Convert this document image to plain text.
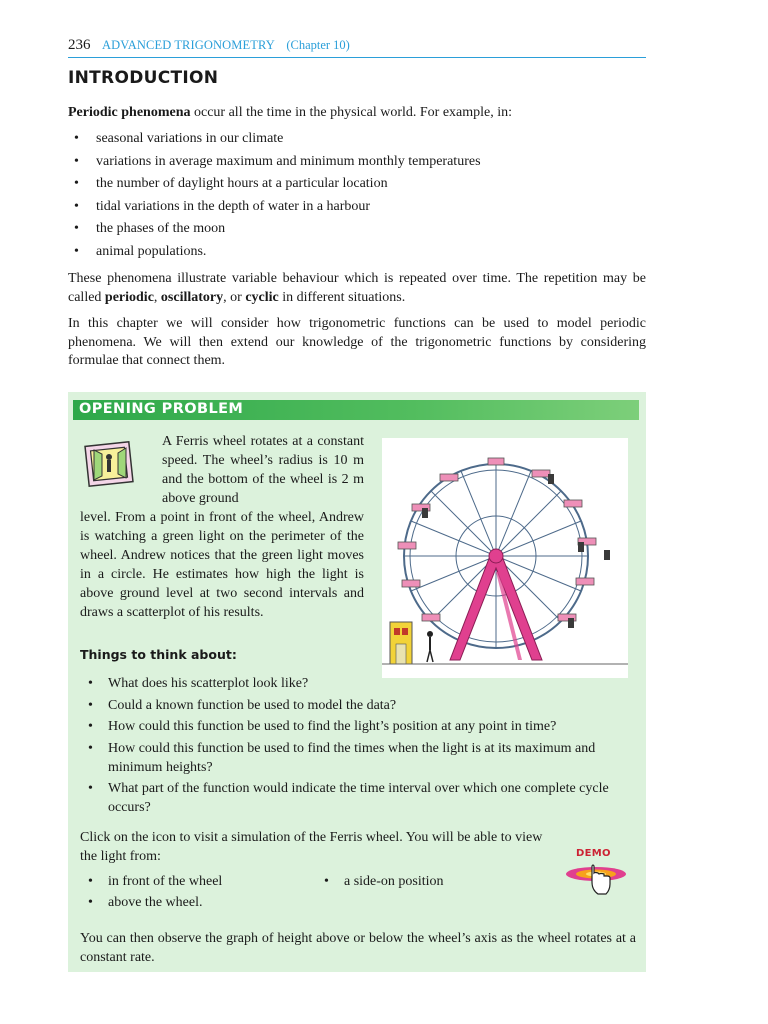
236 ADVANCED TRIGONOMETRY (Chapter 10)
INTRODUCTION

Periodic phenomena occur all the time in the physical world. For example, in:

• seasonal variations in our climate
• variations in average maximum and minimum monthly temperatures
• the number of daylight hours at a particular location
• tidal variations in the depth of water in a harbour
• the phases of the moon
• animal populations.

These phenomena illustrate variable behaviour which is repeated over time. The repetition may be called periodic, oscillatory, or cyclic in different situations.

In this chapter we will consider how trigonometric functions can be used to model periodic phenomena. We will then extend our knowledge of the trigonometric functions by considering formulae that connect them.

OPENING PROBLEM

A Ferris wheel rotates at a constant speed. The wheel’s radius is 10 m and the bottom of the wheel is 2 m above ground

level. From a point in front of the wheel, Andrew is watching a green light on the perimeter of the wheel. Andrew notices that the green light moves in a circle. He estimates how high the light is above ground level at two second intervals and draws a scatterplot of his results.

Things to think about:

• What does his scatterplot look like?
• Could a known function be used to model the data?
• How could this function be used to find the light’s position at any point in time?
• How could this function be used to find the times when the light is at its maximum and minimum heights?
• What part of the function would indicate the time interval over which one complete cycle occurs?

Click on the icon to visit a simulation of the Ferris wheel. You will be able to view the light from:

• in front of the wheel
• above the wheel.
• a side-on position
DEMO

You can then observe the graph of height above or below the wheel’s axis as the wheel rotates at a constant rate.
